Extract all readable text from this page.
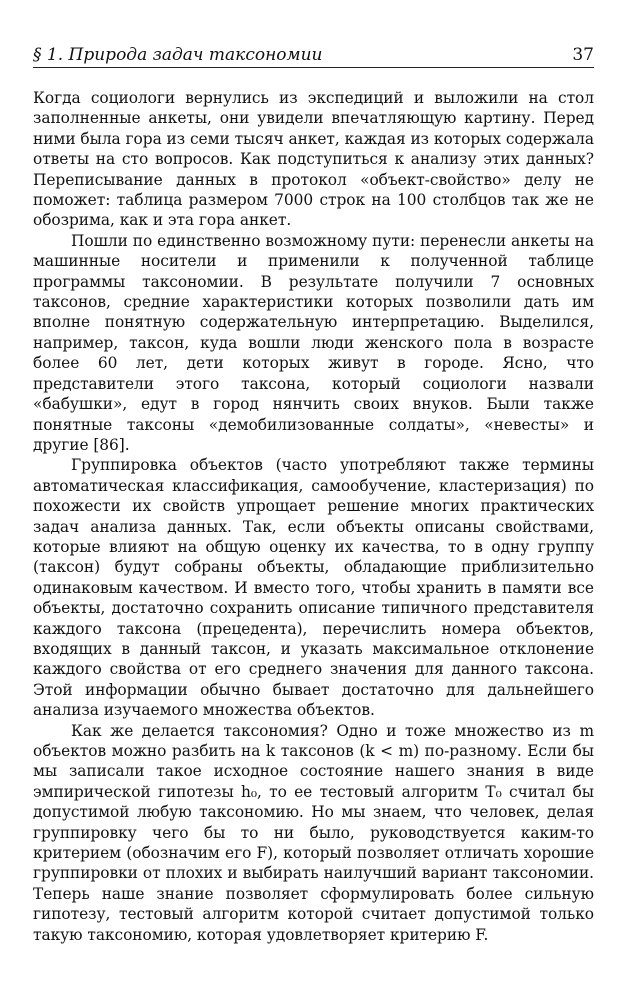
§ 1. Природа задач таксономии	37

Когда социологи вернулись из экспедиций и выложили на стол заполненные анкеты, они увидели впечатляющую картину. Перед ними была гора из семи тысяч анкет, каждая из которых содержала ответы на сто вопросов. Как подступиться к анализу этих данных? Переписывание данных в протокол «объект-свойство» делу не поможет: таблица размером 7000 строк на 100 столбцов так же не обозрима, как и эта гора анкет.

Пошли по единственно возможному пути: перенесли анкеты на машинные носители и применили к полученной таблице программы таксономии. В результате получили 7 основных таксонов, средние характеристики которых позволили дать им вполне понятную содержательную интерпретацию. Выделился, например, таксон, куда вошли люди женского пола в возрасте более 60 лет, дети которых живут в городе. Ясно, что представители этого таксона, который социологи назвали «бабушки», едут в город нянчить своих внуков. Были также понятные таксоны «демобилизованные солдаты», «невесты» и другие [86].

Группировка объектов (часто употребляют также термины автоматическая классификация, самообучение, кластеризация) по похожести их свойств упрощает решение многих практических задач анализа данных. Так, если объекты описаны свойствами, которые влияют на общую оценку их качества, то в одну группу (таксон) будут собраны объекты, обладающие приблизительно одинаковым качеством. И вместо того, чтобы хранить в памяти все объекты, достаточно сохранить описание типичного представителя каждого таксона (прецедента), перечислить номера объектов, входящих в данный таксон, и указать максимальное отклонение каждого свойства от его среднего значения для данного таксона. Этой информации обычно бывает достаточно для дальнейшего анализа изучаемого множества объектов.

Как же делается таксономия? Одно и тоже множество из m объектов можно разбить на k таксонов (k < m) по-разному. Если бы мы записали такое исходное состояние нашего знания в виде эмпирической гипотезы h₀, то ее тестовый алгоритм T₀ считал бы допустимой любую таксономию. Но мы знаем, что человек, делая группировку чего бы то ни было, руководствуется каким-то критерием (обозначим его F), который позволяет отличать хорошие группировки от плохих и выбирать наилучший вариант таксономии. Теперь наше знание позволяет сформулировать более сильную гипотезу, тестовый алгоритм которой считает допустимой только такую таксономию, которая удовлетворяет критерию F.
